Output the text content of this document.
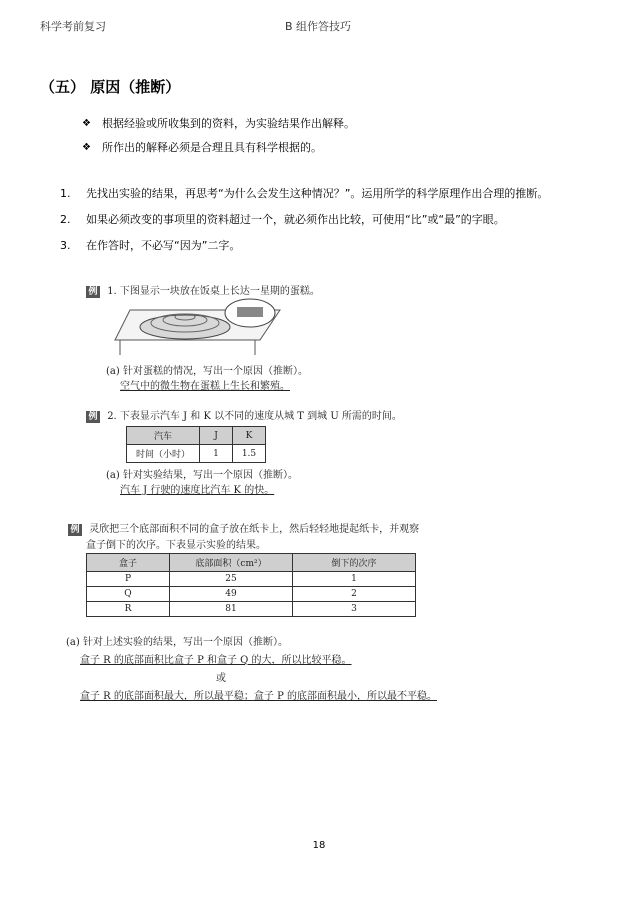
科学考前复习	B 组作答技巧
（五） 原因（推断）
❖ 根据经验或所收集到的资料，为实验结果作出解释。
❖ 所作出的解释必须是合理且具有科学根据的。
1.	先找出实验的结果，再思考“为什么会发生这种情况？”。运用所学的科学原理作出合理的推断。
2.	如果必须改变的事项里的资料超过一个，就必须作出比较，可使用“比”或“最”的字眼。
3.	在作答时，不必写“因为”二字。
例 1. 下图显示一块放在饭桌上长达一星期的蛋糕。
(a) 针对蛋糕的情况，写出一个原因（推断）。
空气中的微生物在蛋糕上生长和繁殖。
例 2. 下表显示汽车 J 和 K 以不同的速度从城 T 到城 U 所需的时间。
汽车	J	K
时间（小时）	1	1.5
(a) 针对实验结果，写出一个原因（推断）。
汽车 J 行驶的速度比汽车 K 的快。
例 灵欣把三个底部面积不同的盒子放在纸卡上，然后轻轻地提起纸卡，并观察
盒子倒下的次序。下表显示实验的结果。
盒子	底部面积（cm²）	倒下的次序
P	25	1
Q	49	2
R	81	3
(a) 针对上述实验的结果，写出一个原因（推断）。
盒子 R 的底部面积比盒子 P 和盒子 Q 的大，所以比较平稳。
或
盒子 R 的底部面积最大，所以最平稳；盒子 P 的底部面积最小，所以最不平稳。
18
